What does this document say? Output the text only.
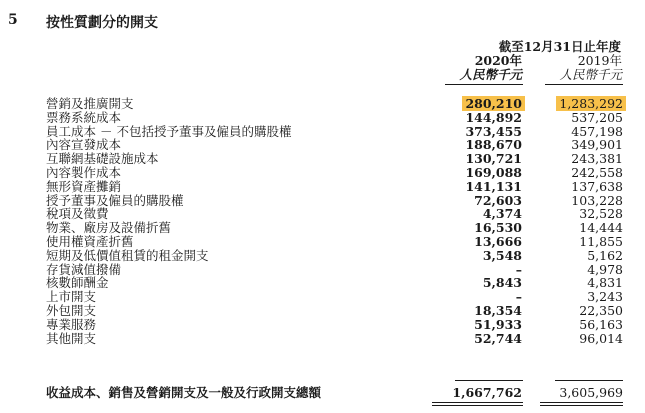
5 按性質劃分的開支
截至12月31日止年度
2020年	2019年
人民幣千元	人民幣千元
營銷及推廣開支	280,210	1,283,292
票務系統成本	144,892	537,205
員工成本 － 不包括授予董事及僱員的購股權	373,455	457,198
內容宣發成本	188,670	349,901
互聯網基礎設施成本	130,721	243,381
內容製作成本	169,088	242,558
無形資產攤銷	141,131	137,638
授予董事及僱員的購股權	72,603	103,228
稅項及徵費	4,374	32,528
物業、廠房及設備折舊	16,530	14,444
使用權資產折舊	13,666	11,855
短期及低價值租賃的租金開支	3,548	5,162
存貨減值撥備	–	4,978
核數師酬金	5,843	4,831
上市開支	–	3,243
外包開支	18,354	22,350
專業服務	51,933	56,163
其他開支	52,744	96,014
收益成本、銷售及營銷開支及一般及行政開支總額	1,667,762	3,605,969
